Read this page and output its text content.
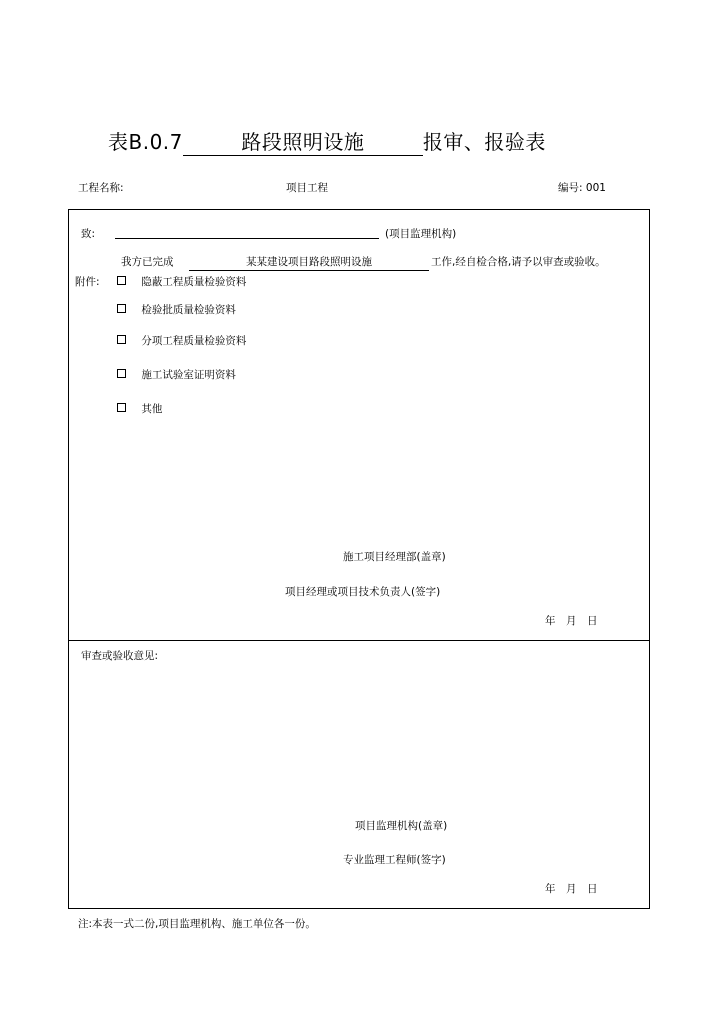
表B.0.7	路段照明设施	报审、报验表
工程名称:	项目工程	编号: 001
致:	(项目监理机构)
我方已完成	某某建设项目路段照明设施	工作,经自检合格,请予以审查或验收。
附件:	隐蔽工程质量检验资料
检验批质量检验资料
分项工程质量检验资料
施工试验室证明资料
其他
施工项目经理部(盖章)
项目经理或项目技术负责人(签字)
年　月　日
审查或验收意见:
项目监理机构(盖章)
专业监理工程师(签字)
年　月　日
注:本表一式二份,项目监理机构、施工单位各一份。
